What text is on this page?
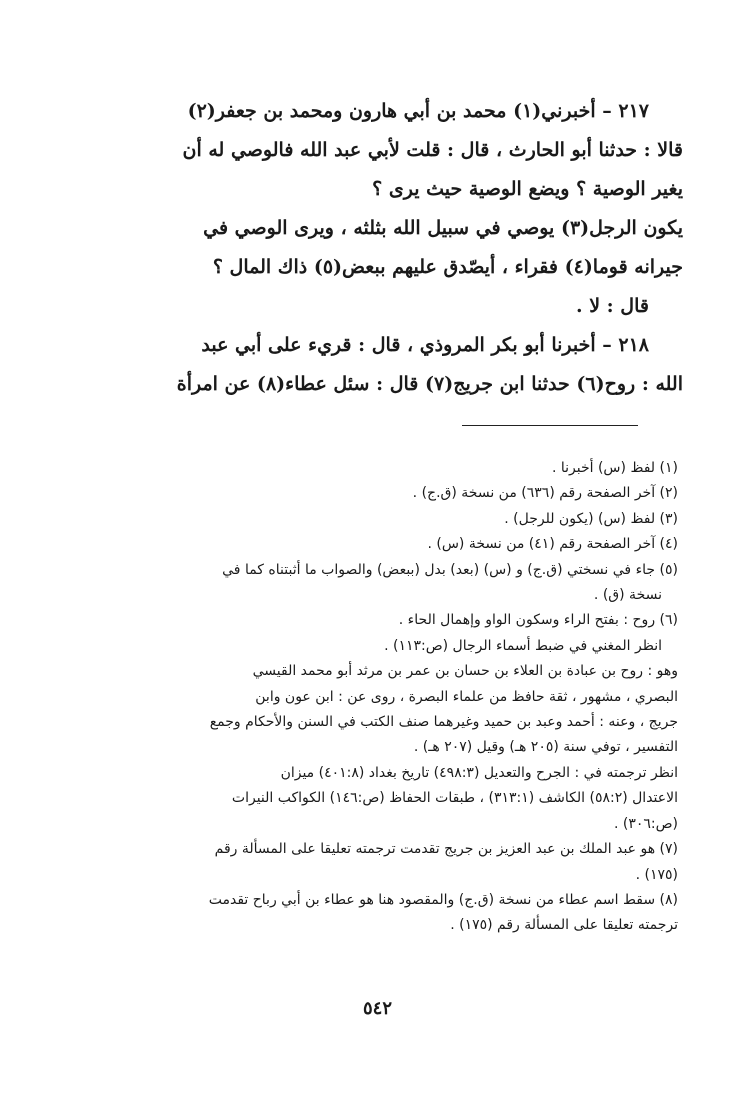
٢١٧ – أخبرني(١) محمد بن أبي هارون ومحمد بن جعفر(٢)

قالا : حدثنا أبو الحارث ، قال : قلت لأبي عبد الله فالوصي له أن

يغير الوصية ؟ ويضع الوصية حيث يرى ؟

يكون الرجل(٣) يوصي في سبيل الله بثلثه ، ويرى الوصي في

جيرانه قوما(٤) فقراء ، أيصّدق عليهم ببعض(٥) ذاك المال ؟

قال : لا .

٢١٨ – أخبرنا أبو بكر المروذي ، قال : قريء على أبي عبد

الله : روح(٦) حدثنا ابن جريج(٧) قال : سئل عطاء(٨) عن امرأة

(١) لفظ (س) أخبرنا .

(٢) آخر الصفحة رقم (٦٣٦) من نسخة (ق.ج) .

(٣) لفظ (س) (يكون للرجل) .

(٤) آخر الصفحة رقم (٤١) من نسخة (س) .

(٥) جاء في نسختي (ق.ج) و (س) (بعد) بدل (ببعض) والصواب ما أثبتناه كما في

نسخة (ق) .

(٦) روح : بفتح الراء وسكون الواو وإهمال الحاء .

انظر المغني في ضبط أسماء الرجال (ص:١١٣) .

وهو : روح بن عبادة بن العلاء بن حسان بن عمر بن مرثد أبو محمد القيسي

البصري ، مشهور ، ثقة حافظ من علماء البصرة ، روى عن : ابن عون وابن

جريج ، وعنه : أحمد وعبد بن حميد وغيرهما صنف الكتب في السنن والأحكام وجمع

التفسير ، توفي سنة (٢٠٥ هـ) وقيل (٢٠٧ هـ) .

انظر ترجمته في : الجرح والتعديل (٤٩٨:٣) تاريخ بغداد (٤٠١:٨) ميزان

الاعتدال (٥٨:٢) الكاشف (٣١٣:١) ، طبقات الحفاظ (ص:١٤٦) الكواكب النيرات

(ص:٣٠٦) .

(٧) هو عبد الملك بن عبد العزيز بن جريج تقدمت ترجمته تعليقا على المسألة رقم

(١٧٥) .

(٨) سقط اسم عطاء من نسخة (ق.ج) والمقصود هنا هو عطاء بن أبي رباح تقدمت

ترجمته تعليقا على المسألة رقم (١٧٥) .

٥٤٢
